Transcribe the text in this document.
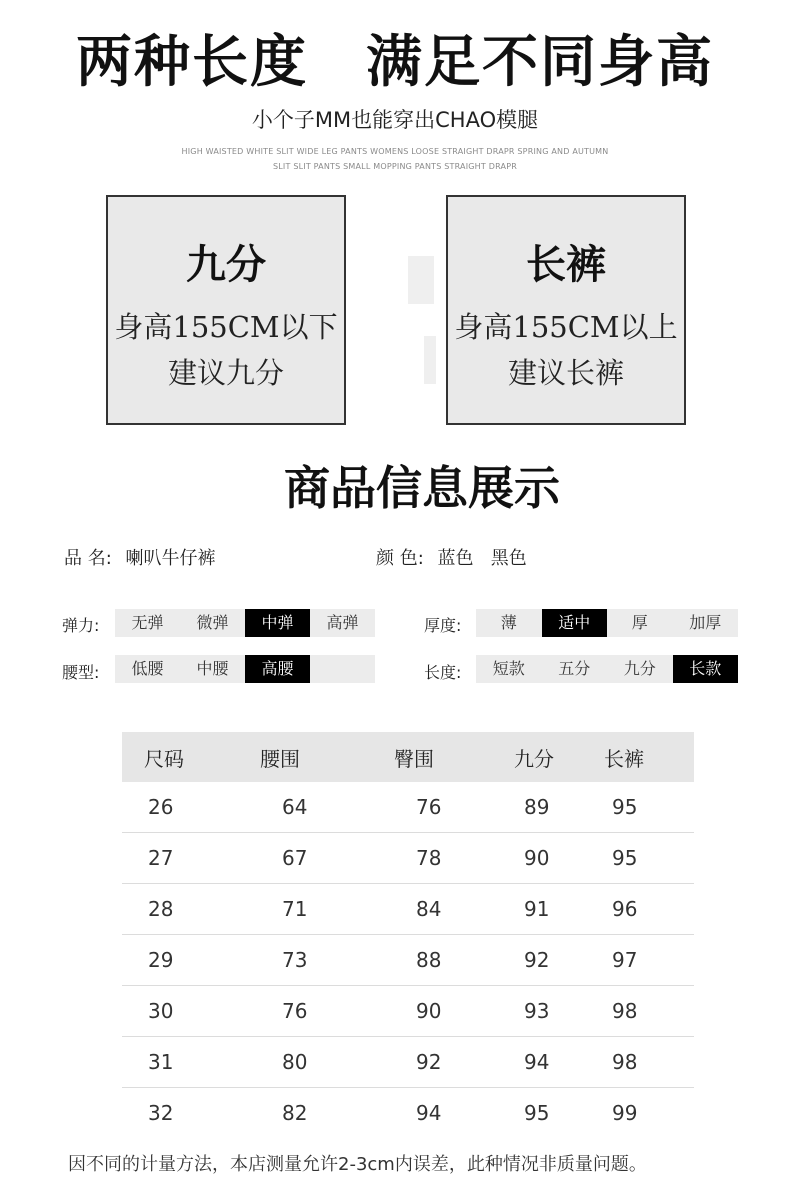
两种长度 满足不同身高
小个子MM也能穿出CHAO模腿
HIGH WAISTED WHITE SLIT WIDE LEG PANTS WOMENS LOOSE STRAIGHT DRAPR SPRING AND AUTUMN
SLIT SLIT PANTS SMALL MOPPING PANTS STRAIGHT DRAPR
九分
身高155CM以下
建议九分
长裤
身高155CM以上
建议长裤
商品信息展示
品 名: 喇叭牛仔裤	颜 色: 蓝色   黑色
弹力:	无弹	微弹	中弹	高弹
腰型:	低腰	中腰	高腰
厚度:	薄	适中	厚	加厚
长度:	短款	五分	九分	长款
尺码	腰围	臀围	九分	长裤
26	64	76	89	95
27	67	78	90	95
28	71	84	91	96
29	73	88	92	97
30	76	90	93	98
31	80	92	94	98
32	82	94	95	99
因不同的计量方法，本店测量允许2-3cm内误差，此种情况非质量问题。
